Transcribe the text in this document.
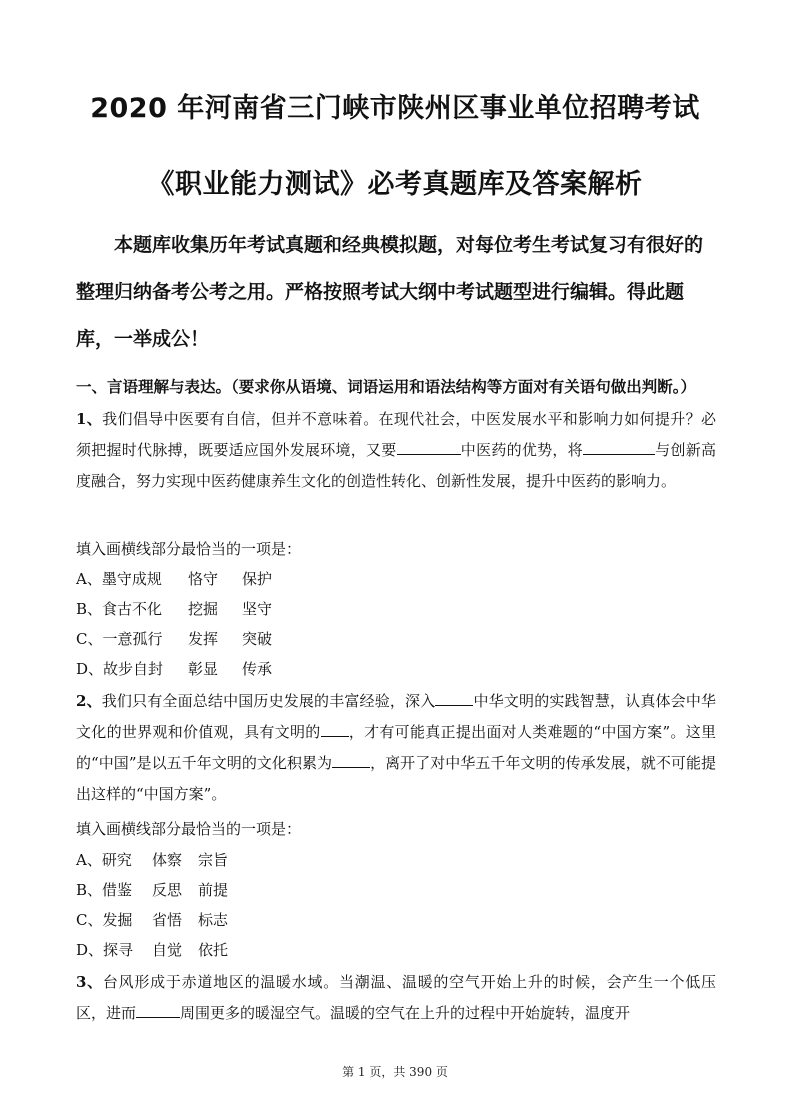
2020 年河南省三门峡市陕州区事业单位招聘考试
《职业能力测试》必考真题库及答案解析
本题库收集历年考试真题和经典模拟题，对每位考生考试复习有很好的整理归纳备考公考之用。严格按照考试大纲中考试题型进行编辑。得此题库，一举成公！
一、言语理解与表达。（要求你从语境、词语运用和语法结构等方面对有关语句做出判断。）
1、我们倡导中医要有自信，但并不意味着。在现代社会，中医发展水平和影响力如何提升？必须把握时代脉搏，既要适应国外发展环境，又要	中医药的优势，将	与创新高度融合，努力实现中医药健康养生文化的创造性转化、创新性发展，提升中医药的影响力。
填入画横线部分最恰当的一项是：
A、墨守成规 恪守 保护
B、食古不化 挖掘 坚守
C、一意孤行 发挥 突破
D、故步自封 彰显 传承
2、我们只有全面总结中国历史发展的丰富经验，深入	中华文明的实践智慧，认真体会中华文化的世界观和价值观，具有文明的 ，才有可能真正提出面对人类难题的“中国方案”。这里的“中国”是以五千年文明的文化积累为	，离开了对中华五千年文明的传承发展，就不可能提出这样的“中国方案”。
填入画横线部分最恰当的一项是：
A、研究 体察 宗旨
B、借鉴 反思 前提
C、发掘 省悟 标志
D、探寻 自觉 依托
3、台风形成于赤道地区的温暖水域。当潮温、温暖的空气开始上升的时候，会产生一个低压区，进而	周围更多的暖湿空气。温暖的空气在上升的过程中开始旋转，温度开
第 1 页，共 390 页
